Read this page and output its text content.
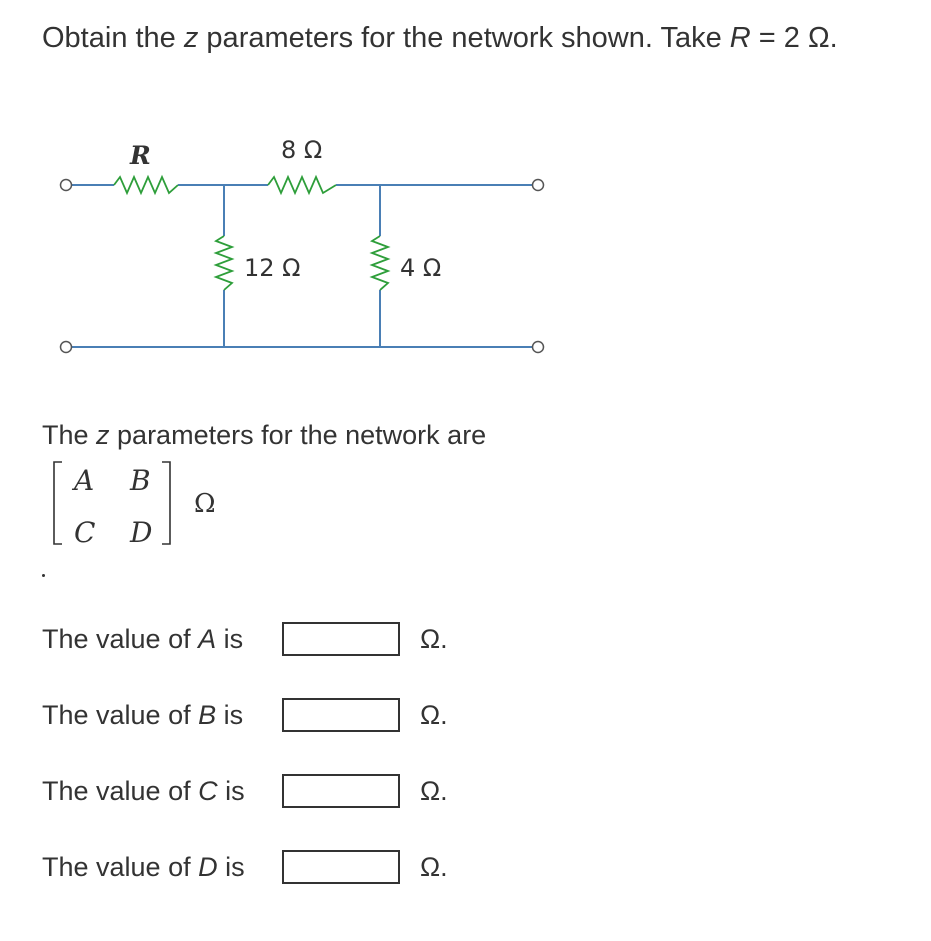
Obtain the z parameters for the network shown. Take R = 2 Ω.
R	8 Ω
12 Ω	4 Ω
The z parameters for the network are
A B
C D
Ω
The value of A is	Ω.
The value of B is	Ω.
The value of C is	Ω.
The value of D is	Ω.
